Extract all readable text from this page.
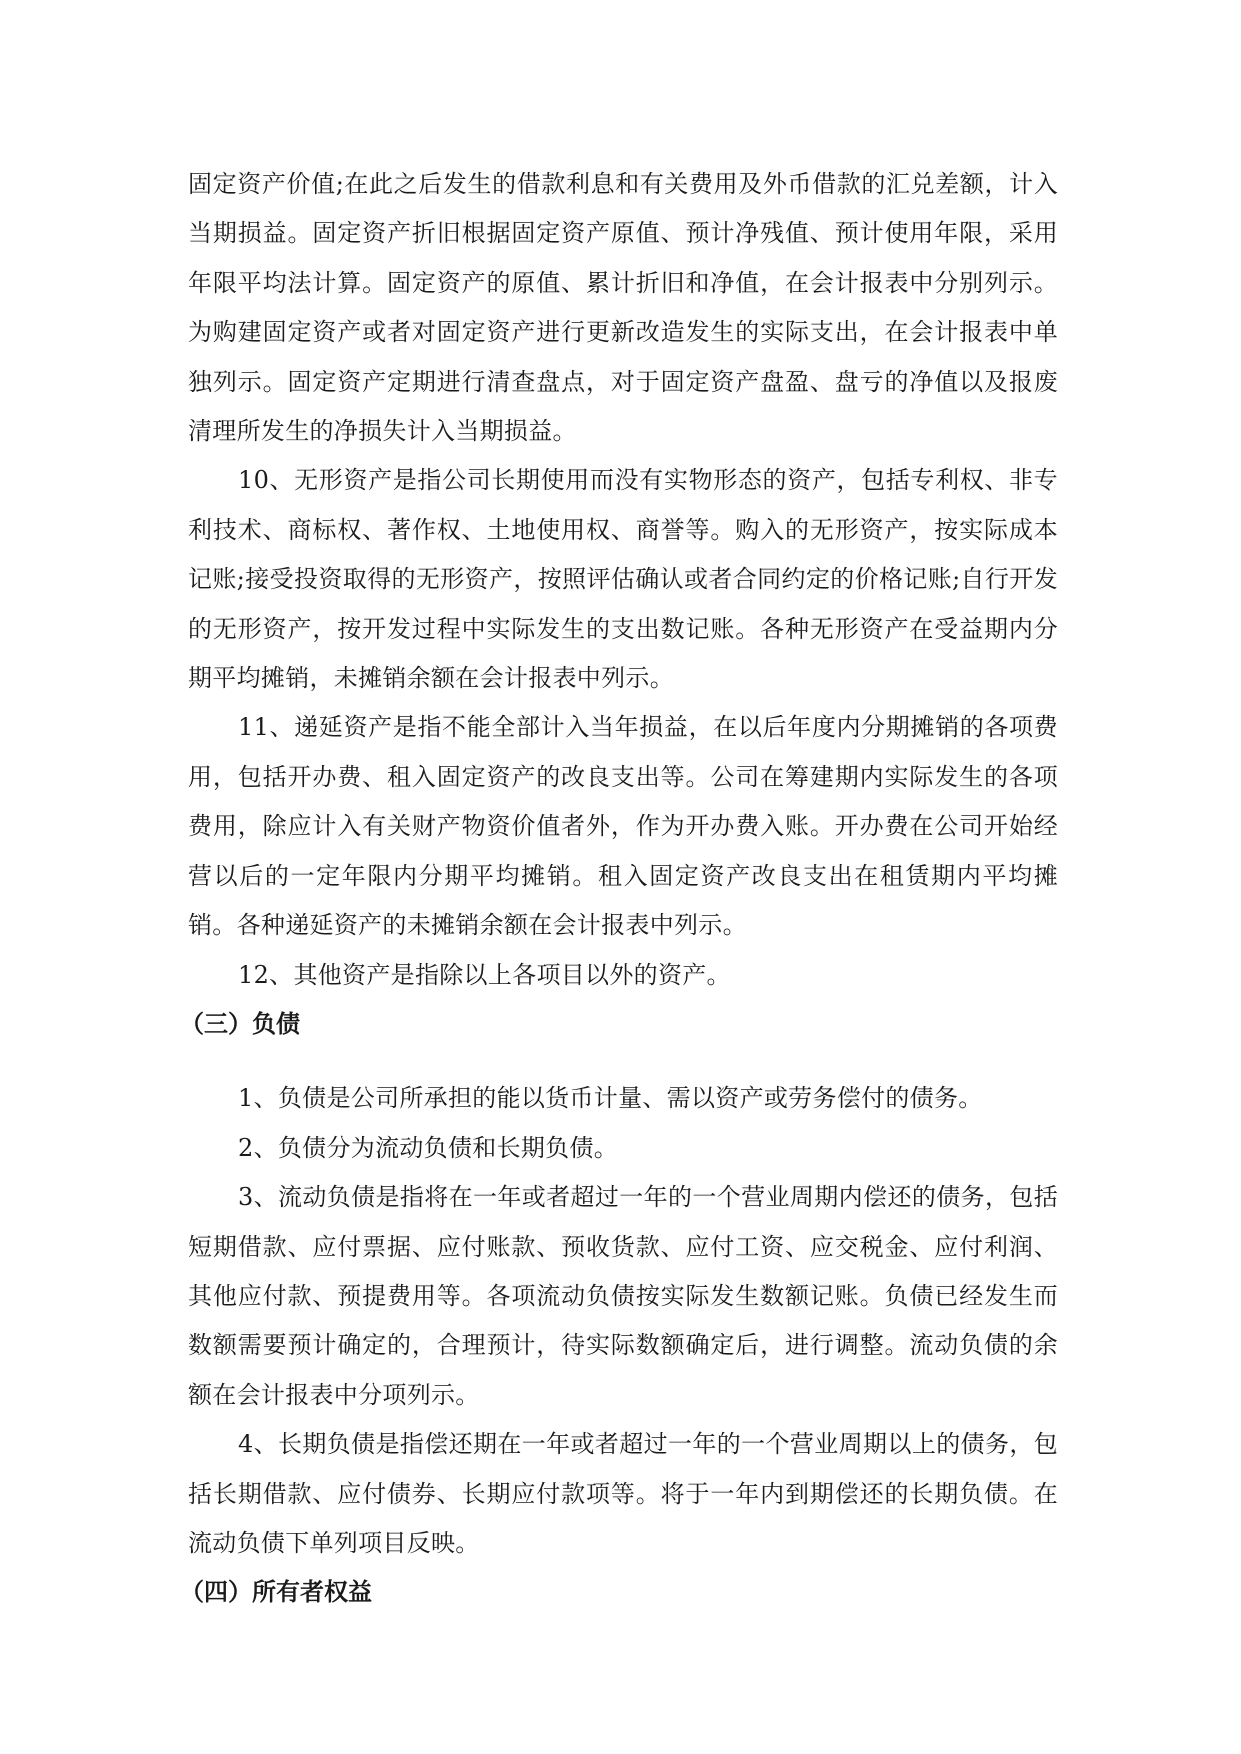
固定资产价值;在此之后发生的借款利息和有关费用及外币借款的汇兑差额，计入当期损益。固定资产折旧根据固定资产原值、预计净残值、预计使用年限，采用年限平均法计算。固定资产的原值、累计折旧和净值，在会计报表中分别列示。为购建固定资产或者对固定资产进行更新改造发生的实际支出，在会计报表中单独列示。固定资产定期进行清查盘点，对于固定资产盘盈、盘亏的净值以及报废清理所发生的净损失计入当期损益。

10、无形资产是指公司长期使用而没有实物形态的资产，包括专利权、非专利技术、商标权、著作权、土地使用权、商誉等。购入的无形资产，按实际成本记账;接受投资取得的无形资产，按照评估确认或者合同约定的价格记账;自行开发的无形资产，按开发过程中实际发生的支出数记账。各种无形资产在受益期内分期平均摊销，未摊销余额在会计报表中列示。

11、递延资产是指不能全部计入当年损益，在以后年度内分期摊销的各项费用，包括开办费、租入固定资产的改良支出等。公司在筹建期内实际发生的各项费用，除应计入有关财产物资价值者外，作为开办费入账。开办费在公司开始经营以后的一定年限内分期平均摊销。租入固定资产改良支出在租赁期内平均摊销。各种递延资产的未摊销余额在会计报表中列示。

12、其他资产是指除以上各项目以外的资产。

（三）负债

1、负债是公司所承担的能以货币计量、需以资产或劳务偿付的债务。

2、负债分为流动负债和长期负债。

3、流动负债是指将在一年或者超过一年的一个营业周期内偿还的债务，包括短期借款、应付票据、应付账款、预收货款、应付工资、应交税金、应付利润、其他应付款、预提费用等。各项流动负债按实际发生数额记账。负债已经发生而数额需要预计确定的，合理预计，待实际数额确定后，进行调整。流动负债的余额在会计报表中分项列示。

4、长期负债是指偿还期在一年或者超过一年的一个营业周期以上的债务，包括长期借款、应付债券、长期应付款项等。将于一年内到期偿还的长期负债。在流动负债下单列项目反映。

（四）所有者权益
